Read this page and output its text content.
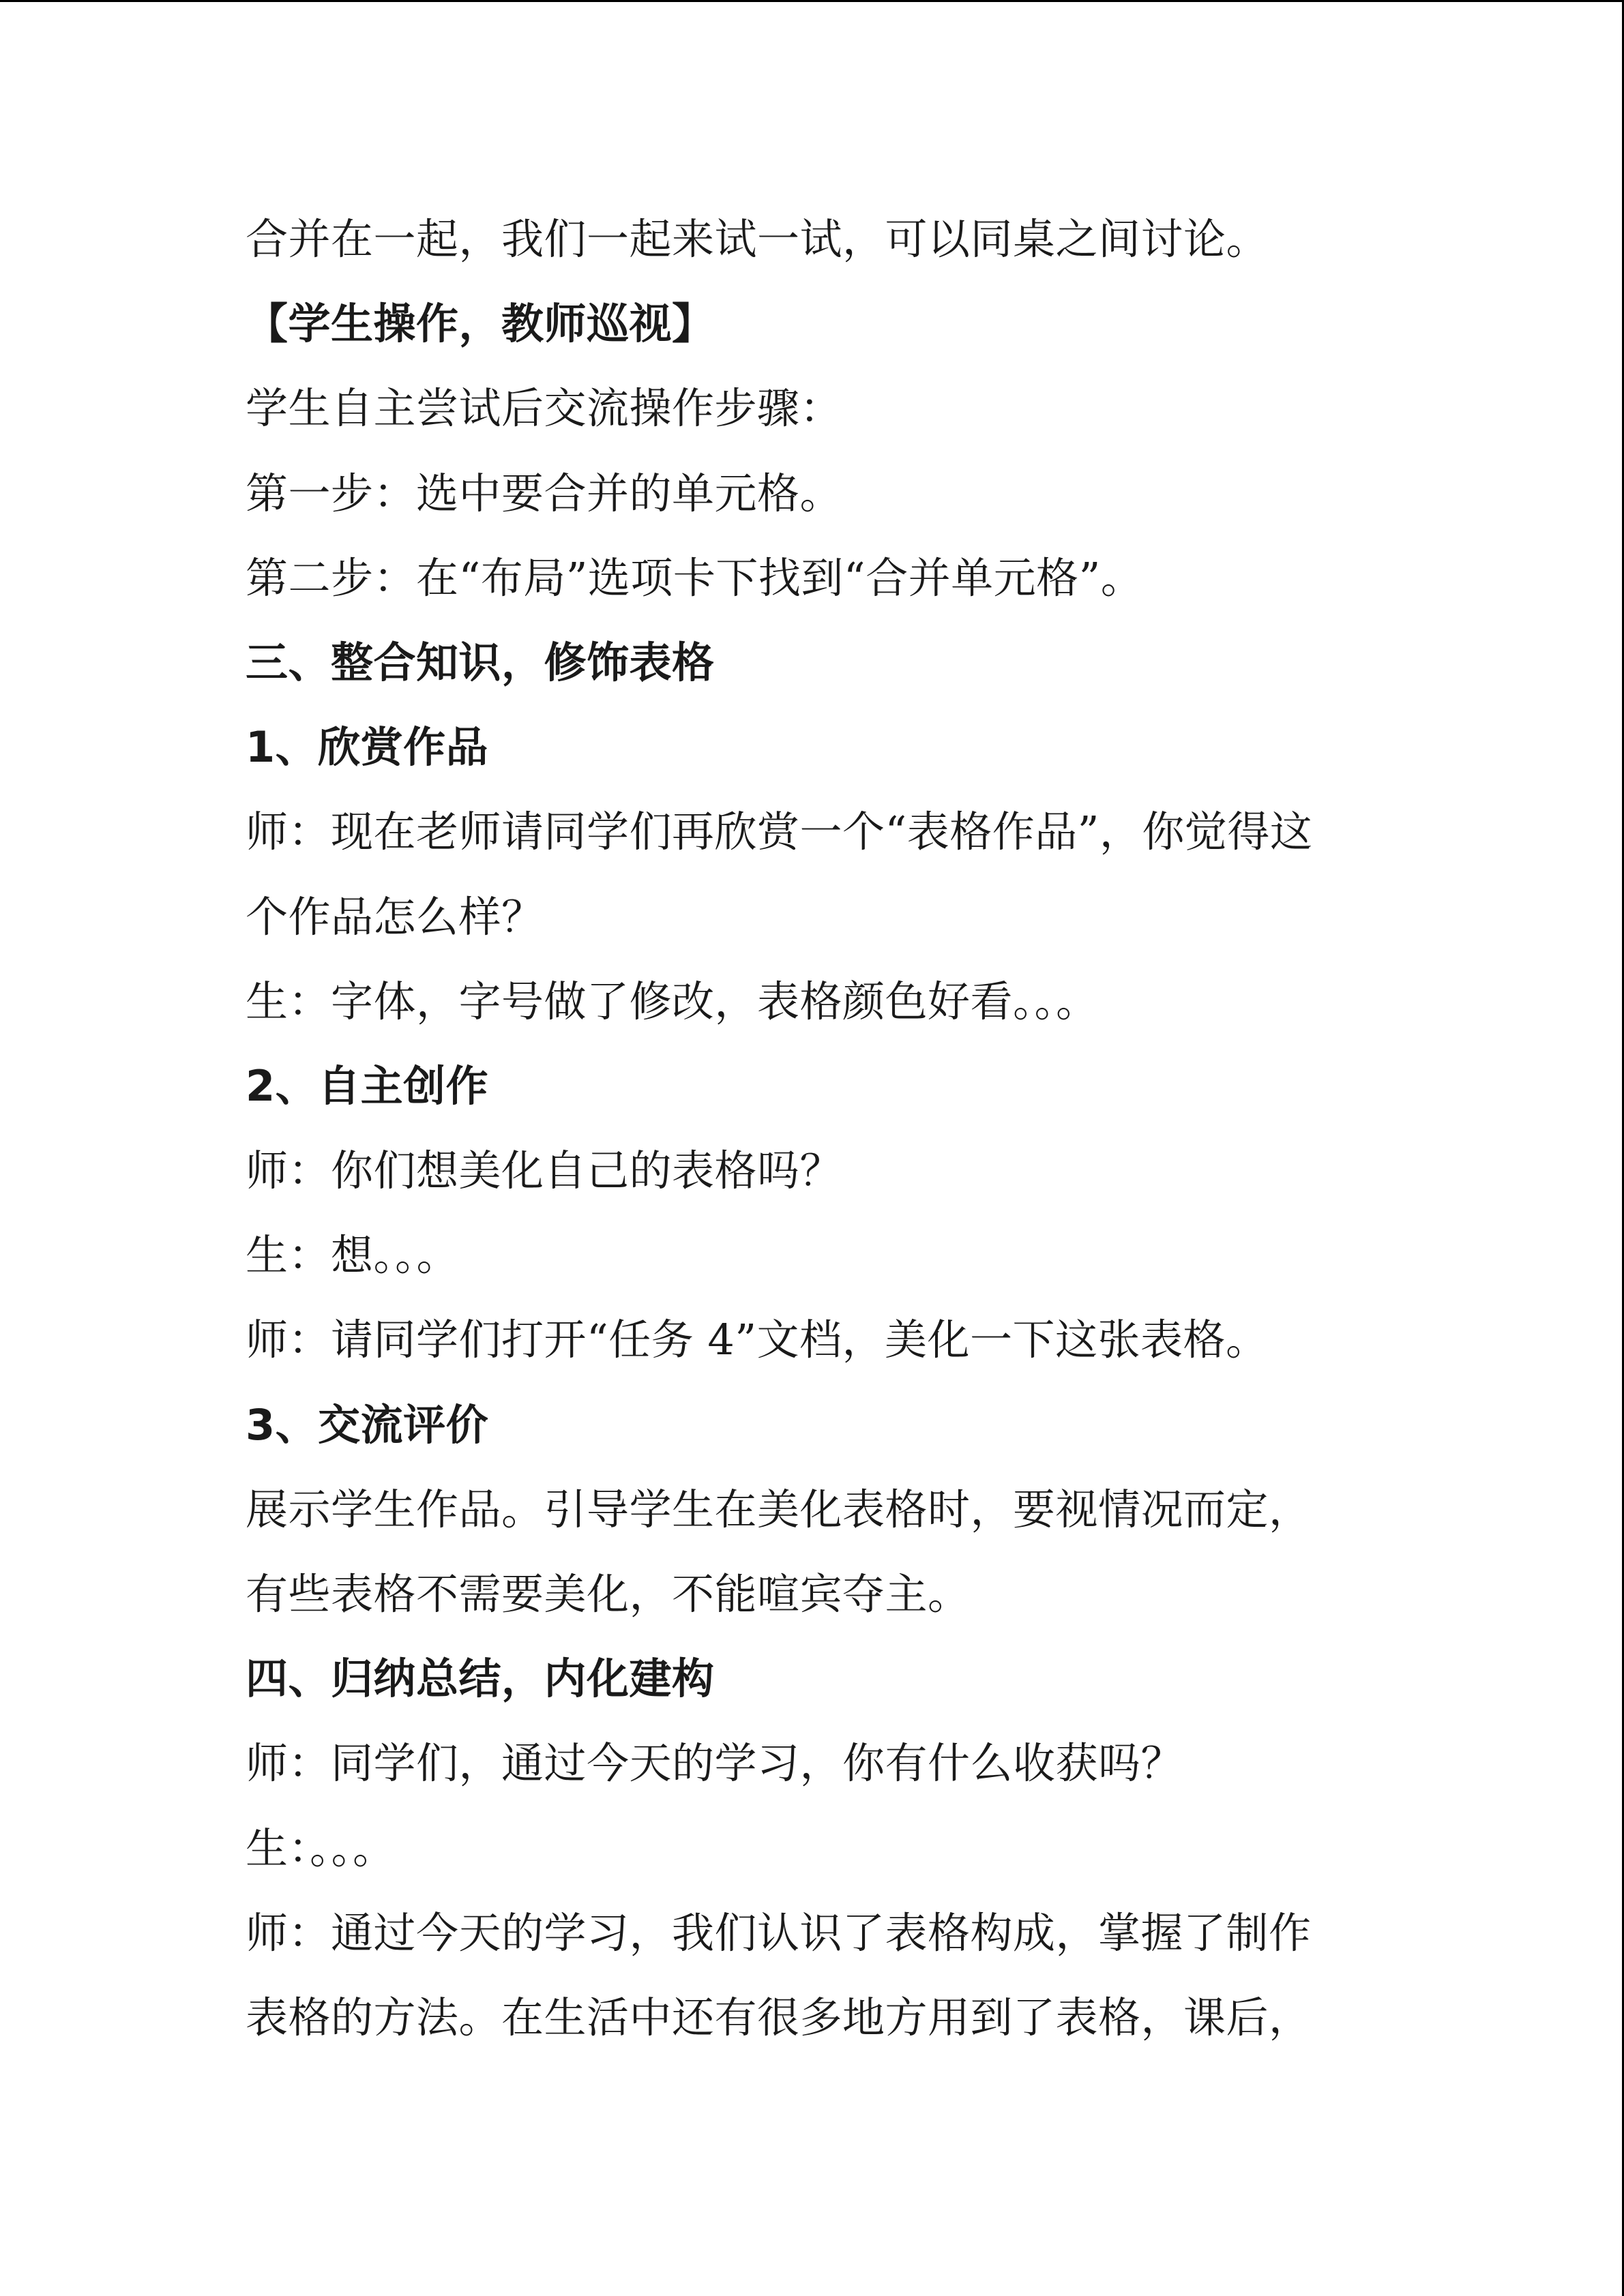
合并在一起，我们一起来试一试，可以同桌之间讨论。
【学生操作，教师巡视】
学生自主尝试后交流操作步骤：
第一步：选中要合并的单元格。
第二步：在“布局”选项卡下找到“合并单元格”。
三、整合知识，修饰表格
1、欣赏作品
师：现在老师请同学们再欣赏一个“表格作品”，你觉得这
个作品怎么样？
生：字体，字号做了修改，表格颜色好看。。。
2、自主创作
师：你们想美化自己的表格吗？
生：想。。。
师：请同学们打开“任务 4”文档，美化一下这张表格。
3、交流评价
展示学生作品。引导学生在美化表格时，要视情况而定，
有些表格不需要美化，不能喧宾夺主。
四、归纳总结，内化建构
师：同学们，通过今天的学习，你有什么收获吗？
生：。。。
师：通过今天的学习，我们认识了表格构成，掌握了制作
表格的方法。在生活中还有很多地方用到了表格，课后，
